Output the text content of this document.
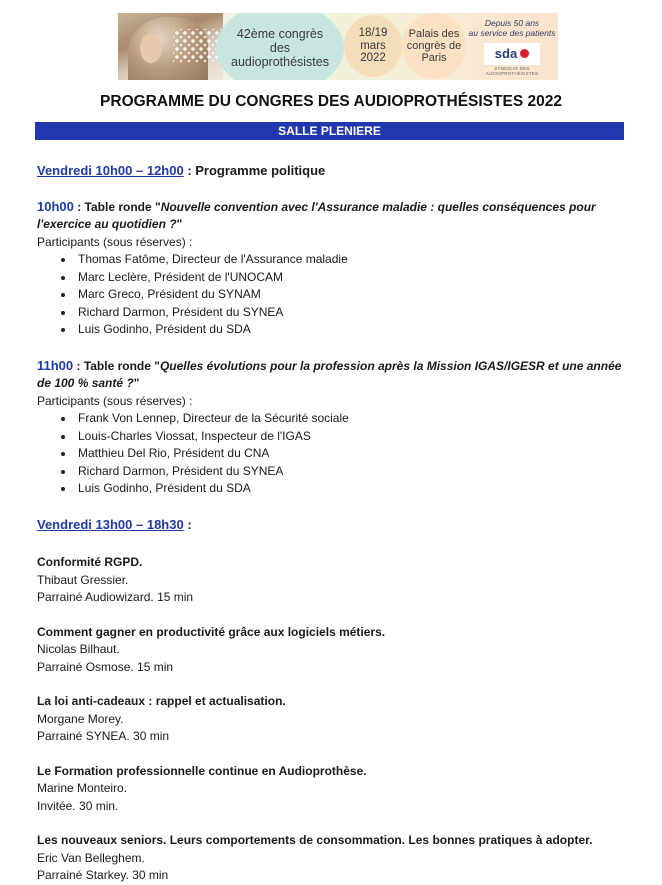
42ème congrès
des
audioprothésistes
18/19
mars
2022
Palais des
congrès de
Paris
Depuis 50 ans
au service des patients
sda
SYNDICAT DES AUDIOPROTHÉSISTES
PROGRAMME DU CONGRES DES AUDIOPROTHÉSISTES 2022
SALLE PLENIERE

Vendredi 10h00 – 12h00 : Programme politique

10h00 : Table ronde "Nouvelle convention avec l'Assurance maladie : quelles conséquences pour l'exercice au quotidien ?"
Participants (sous réserves) :
Thomas Fatôme, Directeur de l'Assurance maladie
Marc Leclère, Président de l'UNOCAM
Marc Greco, Président du SYNAM
Richard Darmon, Président du SYNEA
Luis Godinho, Président du SDA
11h00 : Table ronde "Quelles évolutions pour la profession après la Mission IGAS/IGESR et une année de 100 % santé ?"
Participants (sous réserves) :
Frank Von Lennep, Directeur de la Sécurité sociale
Louis-Charles Viossat, Inspecteur de l'IGAS
Matthieu Del Rio, Président du CNA
Richard Darmon, Président du SYNEA
Luis Godinho, Président du SDA

Vendredi 13h00 – 18h30 :

Conformité RGPD.
Thibaut Gressier.
Parrainé Audiowizard. 15 min
Comment gagner en productivité grâce aux logiciels métiers.
Nicolas Bilhaut.
Parrainé Osmose. 15 min
La loi anti-cadeaux : rappel et actualisation.
Morgane Morey.
Parrainé SYNEA. 30 min
Le Formation professionnelle continue en Audioprothèse.
Marine Monteiro.
Invitée. 30 min.
Les nouveaux seniors. Leurs comportements de consommation. Les bonnes pratiques à adopter.
Eric Van Belleghem.
Parrainé Starkey. 30 min
